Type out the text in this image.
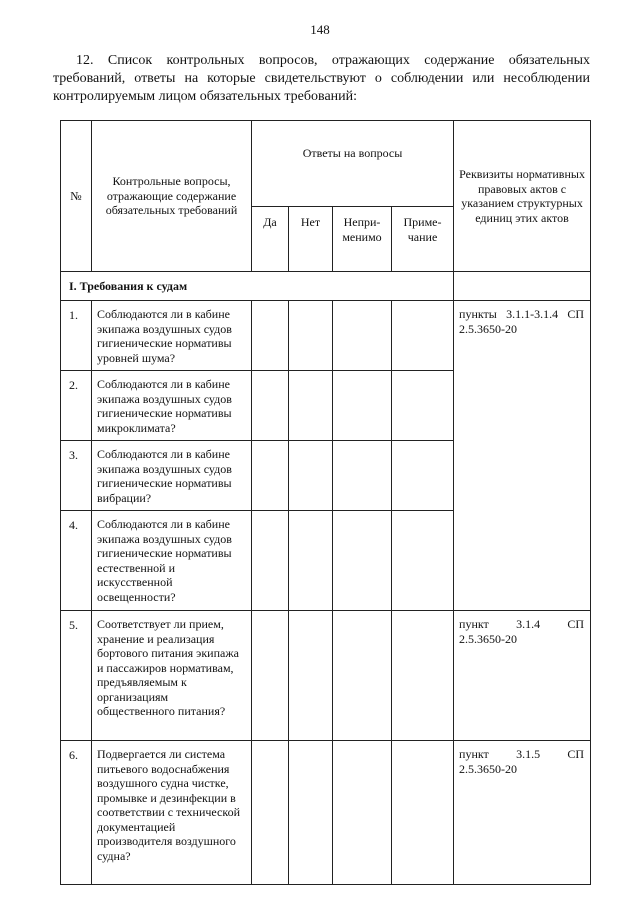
148

12. Список контрольных вопросов, отражающих содержание обязательных требований, ответы на которые свидетельствуют о соблюдении или несоблюдении контролируемым лицом обязательных требований:

№	Контрольные вопросы, отражающие содержание обязательных требований	Ответы на вопросы				Реквизиты нормативных правовых актов с указанием структурных единиц этих актов
		Да	Нет	Непри-менимо	Приме-чание	
I. Требования к судам						
1.	Соблюдаются ли в кабине экипажа воздушных судов гигиенические нормативы уровней шума?					пункты 3.1.1-3.1.4 СП
2.5.3650-20

2.	Соблюдаются ли в кабине экипажа воздушных судов гигиенические нормативы микроклимата?					
3.	Соблюдаются ли в кабине экипажа воздушных судов гигиенические нормативы вибрации?					
4.	Соблюдаются ли в кабине экипажа воздушных судов гигиенические нормативы естественной и искусственной освещенности?					
5.	Соответствует ли прием, хранение и реализация бортового питания экипажа и пассажиров нормативам, предъявляемым к организациям общественного питания?					пункт 3.1.4 СП
2.5.3650-20

6.	Подвергается ли система питьевого водоснабжения воздушного судна чистке, промывке и дезинфекции в соответствии с технической документацией производителя воздушного судна?					пункт 3.1.5 СП
2.5.3650-20
